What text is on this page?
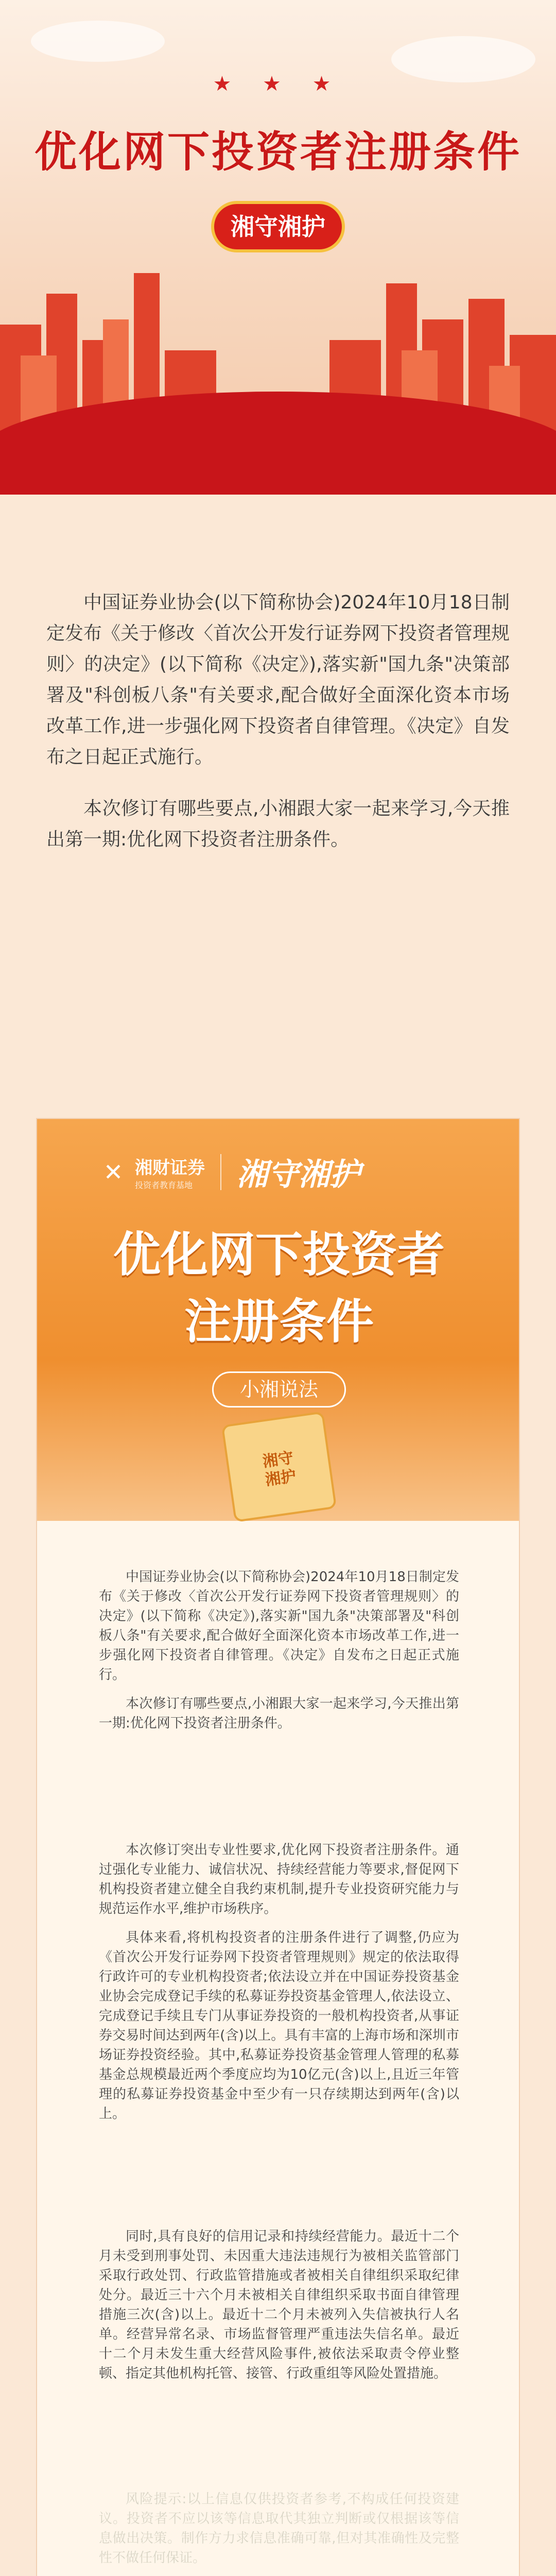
★ ★ ★
优化网下投资者注册条件
湘守湘护

中国证券业协会(以下简称协会)2024年10月18日制定发布《关于修改〈首次公开发行证券网下投资者管理规则〉的决定》(以下简称《决定》),落实新"国九条"决策部署及"科创板八条"有关要求,配合做好全面深化资本市场改革工作,进一步强化网下投资者自律管理。《决定》自发布之日起正式施行。

本次修订有哪些要点,小湘跟大家一起来学习,今天推出第一期:优化网下投资者注册条件。

✕ 湘财证券
投资者教育基地	湘守湘护
优化网下投资者
注册条件
小湘说法
湘守
湘护

中国证券业协会(以下简称协会)2024年10月18日制定发布《关于修改〈首次公开发行证券网下投资者管理规则〉的决定》(以下简称《决定》),落实新"国九条"决策部署及"科创板八条"有关要求,配合做好全面深化资本市场改革工作,进一步强化网下投资者自律管理。《决定》自发布之日起正式施行。

本次修订有哪些要点,小湘跟大家一起来学习,今天推出第一期:优化网下投资者注册条件。

本次修订突出专业性要求,优化网下投资者注册条件。通过强化专业能力、诚信状况、持续经营能力等要求,督促网下机构投资者建立健全自我约束机制,提升专业投资研究能力与规范运作水平,维护市场秩序。

具体来看,将机构投资者的注册条件进行了调整,仍应为《首次公开发行证券网下投资者管理规则》规定的依法取得行政许可的专业机构投资者;依法设立并在中国证券投资基金业协会完成登记手续的私募证券投资基金管理人,依法设立、完成登记手续且专门从事证券投资的一般机构投资者,从事证券交易时间达到两年(含)以上。具有丰富的上海市场和深圳市场证券投资经验。其中,私募证券投资基金管理人管理的私募基金总规模最近两个季度应均为10亿元(含)以上,且近三年管理的私募证券投资基金中至少有一只存续期达到两年(含)以上。

同时,具有良好的信用记录和持续经营能力。最近十二个月未受到刑事处罚、未因重大违法违规行为被相关监管部门采取行政处罚、行政监管措施或者被相关自律组织采取纪律处分。最近三十六个月未被相关自律组织采取书面自律管理措施三次(含)以上。最近十二个月未被列入失信被执行人名单。经营异常名录、市场监督管理严重违法失信名单。最近十二个月未发生重大经营风险事件,被依法采取责令停业整顿、指定其他机构托管、接管、行政重组等风险处置措施。

风险提示:以上信息仅供投资者参考,不构成任何投资建议。投资者不应以该等信息取代其独立判断或仅根据该等信息做出决策。制作方力求信息准确可靠,但对其准确性及完整性不做任何保证。
